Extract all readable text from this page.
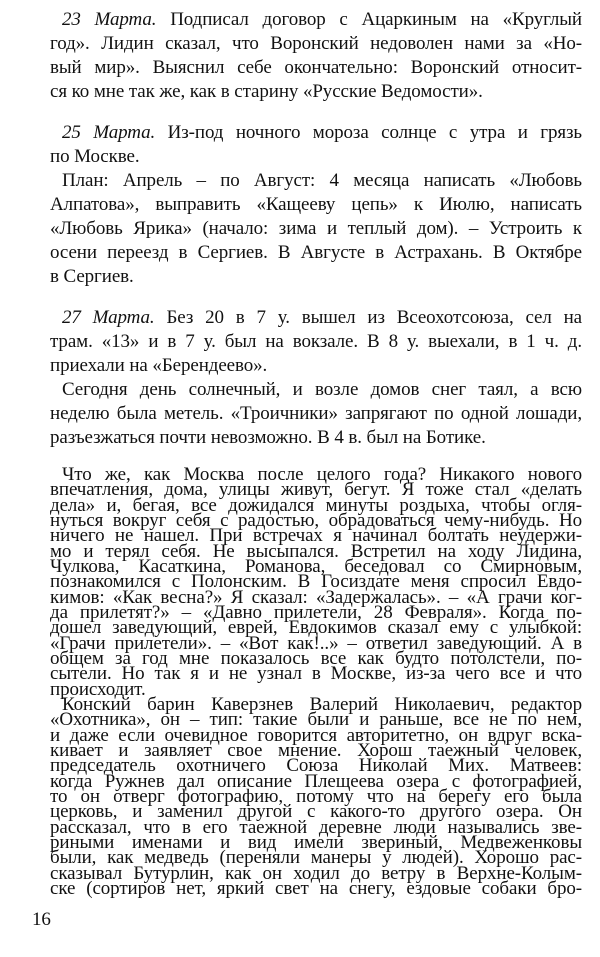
23 Марта. Подписал договор с Ацаркиным на «Круглый
год». Лидин сказал, что Воронский недоволен нами за «Но-
вый мир». Выяснил себе окончательно: Воронский относит-
ся ко мне так же, как в старину «Русские Ведомости».
25 Марта. Из-под ночного мороза солнце с утра и грязь
по Москве.
План: Апрель – по Август: 4 месяца написать «Любовь
Алпатова», выправить «Кащееву цепь» к Июлю, написать
«Любовь Ярика» (начало: зима и теплый дом). – Устроить к
осени переезд в Сергиев. В Августе в Астрахань. В Октябре
в Сергиев.
27 Марта. Без 20 в 7 у. вышел из Всеохотсоюза, сел на
трам. «13» и в 7 у. был на вокзале. В 8 у. выехали, в 1 ч. д.
приехали на «Берендеево».
Сегодня день солнечный, и возле домов снег таял, а всю
неделю была метель. «Троичники» запрягают по одной лошади,
разъезжаться почти невозможно. В 4 в. был на Ботике.
Что же, как Москва после целого года? Никакого нового
впечатления, дома, улицы живут, бегут. Я тоже стал «делать
дела» и, бегая, все дожидался минуты роздыха, чтобы огля-
нуться вокруг себя с радостью, обрадоваться чему-нибудь. Но
ничего не нашел. При встречах я начинал болтать неудержи-
мо и терял себя. Не высыпался. Встретил на ходу Лидина,
Чулкова, Касаткина, Романова, беседовал со Смирновым,
познакомился с Полонским. В Госиздате меня спросил Евдо-
кимов: «Как весна?» Я сказал: «Задержалась». – «А грачи ког-
да прилетят?» – «Давно прилетели, 28 Февраля». Когда по-
дошел заведующий, еврей, Евдокимов сказал ему с улыбкой:
«Грачи прилетели». – «Вот как!..» – ответил заведующий. А в
общем за год мне показалось все как будто потолстели, по-
сытели. Но так я и не узнал в Москве, из-за чего все и что
происходит.
Конский барин Каверзнев Валерий Николаевич, редактор
«Охотника», он – тип: такие были и раньше, все не по нем,
и даже если очевидное говорится авторитетно, он вдруг вска-
кивает и заявляет свое мнение. Хорош таежный человек,
председатель охотничего Союза Николай Мих. Матвеев:
когда Ружнев дал описание Плещеева озера с фотографией,
то он отверг фотографию, потому что на берегу его была
церковь, и заменил другой с какого-то другого озера. Он
рассказал, что в его таежной деревне люди назывались зве-
риными именами и вид имели звериный, Медвеженковы
были, как медведь (переняли манеры у людей). Хорошо рас-
сказывал Бутурлин, как он ходил до ветру в Верхне-Колым-
ске (сортиров нет, яркий свет на снегу, ездовые собаки бро-
16
